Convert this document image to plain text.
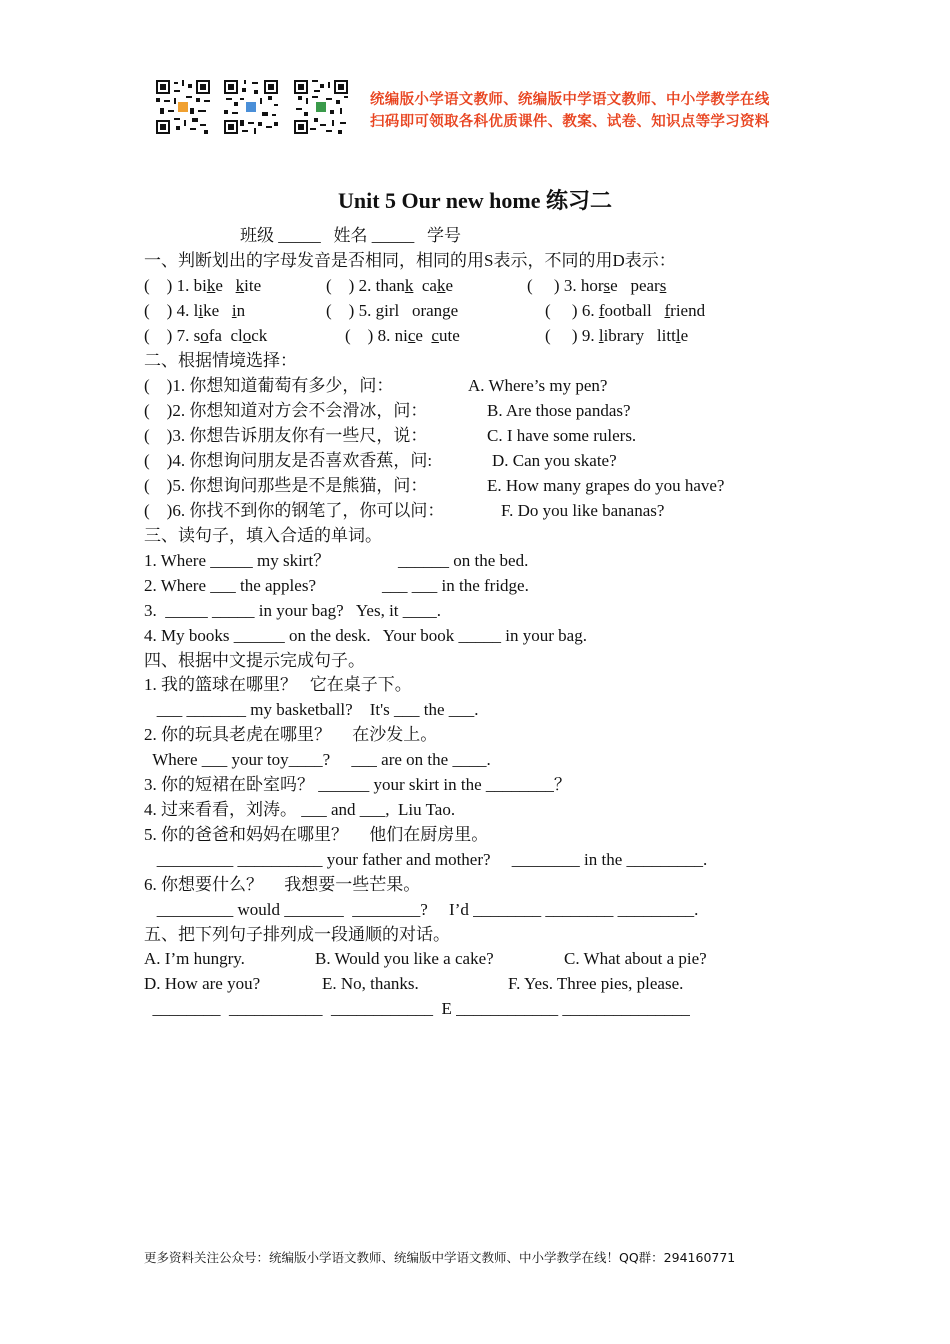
统编版小学语文教师、统编版中学语文教师、中小学教学在线
扫码即可领取各科优质课件、教案、试卷、知识点等学习资料
Unit 5 Our new home 练习二
班级 _____ 姓名 _____ 学号
一、判断划出的字母发音是否相同，相同的用S表示，不同的用D表示：
(    ) 1. bike kite	(    ) 2. thank cake	(     ) 3. horse pears
(    ) 4. like in	(    ) 5. girl orange	(     ) 6. football friend
(    ) 7. sofa clock	(    ) 8. nice cute	(     ) 9. library little
二、根据情境选择：
(    )1. 你想知道葡萄有多少，问：	A. Where’s my pen?
(    )2. 你想知道对方会不会滑冰，问：	B. Are those pandas?
(    )3. 你想告诉朋友你有一些尺，说：	C. I have some rulers.
(    )4. 你想询问朋友是否喜欢香蕉，问:	D. Can you skate?
(    )5. 你想询问那些是不是熊猫，问：	E. How many grapes do you have?
(    )6. 你找不到你的钢笔了，你可以问：	F. Do you like bananas?
三、读句子，填入合适的单词。
1. Where _____ my skirt？	______ on the bed.
2. Where ___ the apples?	___ ___ in the fridge.
3.  _____ _____ in your bag?   Yes, it ____.
4. My books ______ on the desk.   Your book _____ in your bag.
四、根据中文提示完成句子。
1. 我的篮球在哪里？   它在桌子下。
___ _______ my basketball?    It's ___ the ___.
2. 你的玩具老虎在哪里？     在沙发上。
Where ___ your toy____?     ___ are on the ____.
3. 你的短裙在卧室吗？ ______ your skirt in the ________？
4. 过来看看，刘涛。 ___ and ___,  Liu Tao.
5. 你的爸爸和妈妈在哪里？     他们在厨房里。
_________ __________ your father and mother?     ________ in the _________.
6. 你想要什么？     我想要一些芒果。
_________ would _______  ________?     I’d ________ ________ _________.
五、把下列句子排列成一段通顺的对话。
A. I’m hungry.	B. Would you like a cake?	C. What about a pie?
D. How are you?	E. No, thanks.	F. Yes. Three pies, please.
________  ___________  ____________  E ____________ _______________
更多资料关注公众号：统编版小学语文教师、统编版中学语文教师、中小学教学在线！QQ群：294160771
